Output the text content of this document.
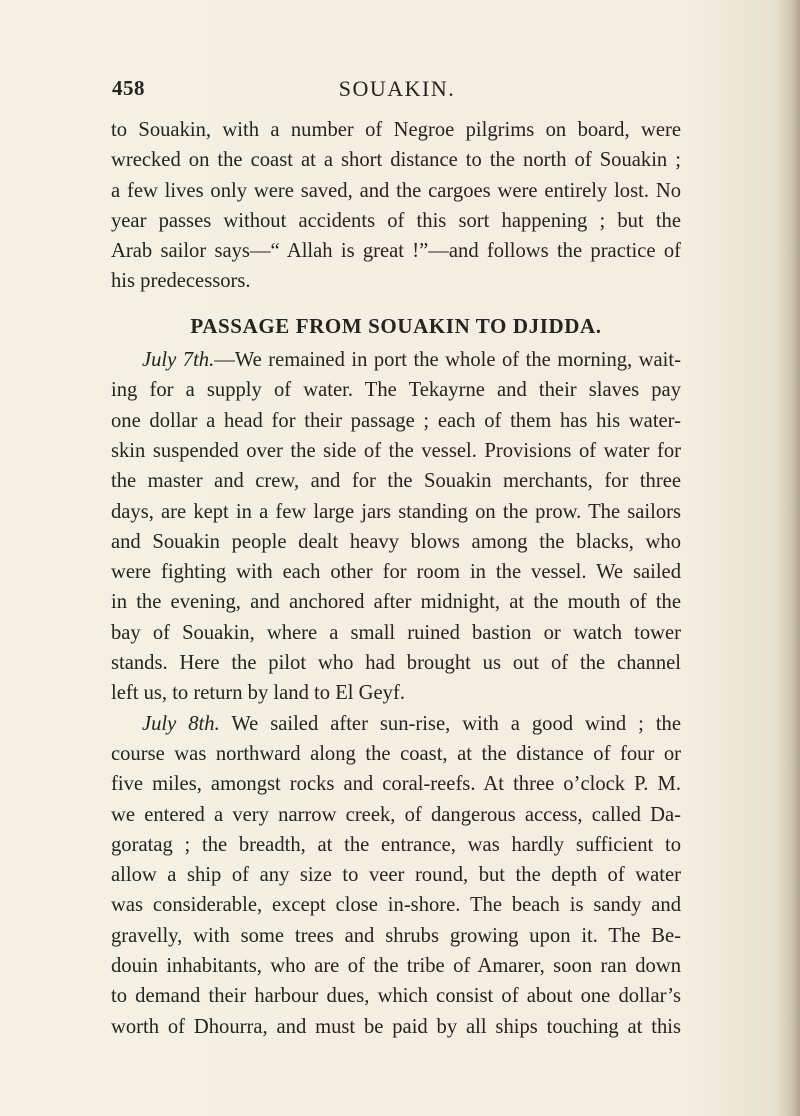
458	SOUAKIN.

to Souakin, with a number of Negroe pilgrims on board, were
wrecked on the coast at a short distance to the north of Souakin ;
a few lives only were saved, and the cargoes were entirely lost. No
year passes without accidents of this sort happening ; but the
Arab sailor says—“ Allah is great !”—and follows the practice of
his predecessors.

PASSAGE FROM SOUAKIN TO DJIDDA.

July 7th.—We remained in port the whole of the morning, wait-
ing for a supply of water. The Tekayrne and their slaves pay
one dollar a head for their passage ; each of them has his water-
skin suspended over the side of the vessel. Provisions of water for
the master and crew, and for the Souakin merchants, for three
days, are kept in a few large jars standing on the prow. The sailors
and Souakin people dealt heavy blows among the blacks, who
were fighting with each other for room in the vessel. We sailed
in the evening, and anchored after midnight, at the mouth of the
bay of Souakin, where a small ruined bastion or watch tower
stands. Here the pilot who had brought us out of the channel
left us, to return by land to El Geyf.

July 8th. We sailed after sun-rise, with a good wind ; the
course was northward along the coast, at the distance of four or
five miles, amongst rocks and coral-reefs. At three o’clock P. M.
we entered a very narrow creek, of dangerous access, called Da-
goratag ; the breadth, at the entrance, was hardly sufficient to
allow a ship of any size to veer round, but the depth of water
was considerable, except close in-shore. The beach is sandy and
gravelly, with some trees and shrubs growing upon it. The Be-
douin inhabitants, who are of the tribe of Amarer, soon ran down
to demand their harbour dues, which consist of about one dollar’s
worth of Dhourra, and must be paid by all ships touching at this
